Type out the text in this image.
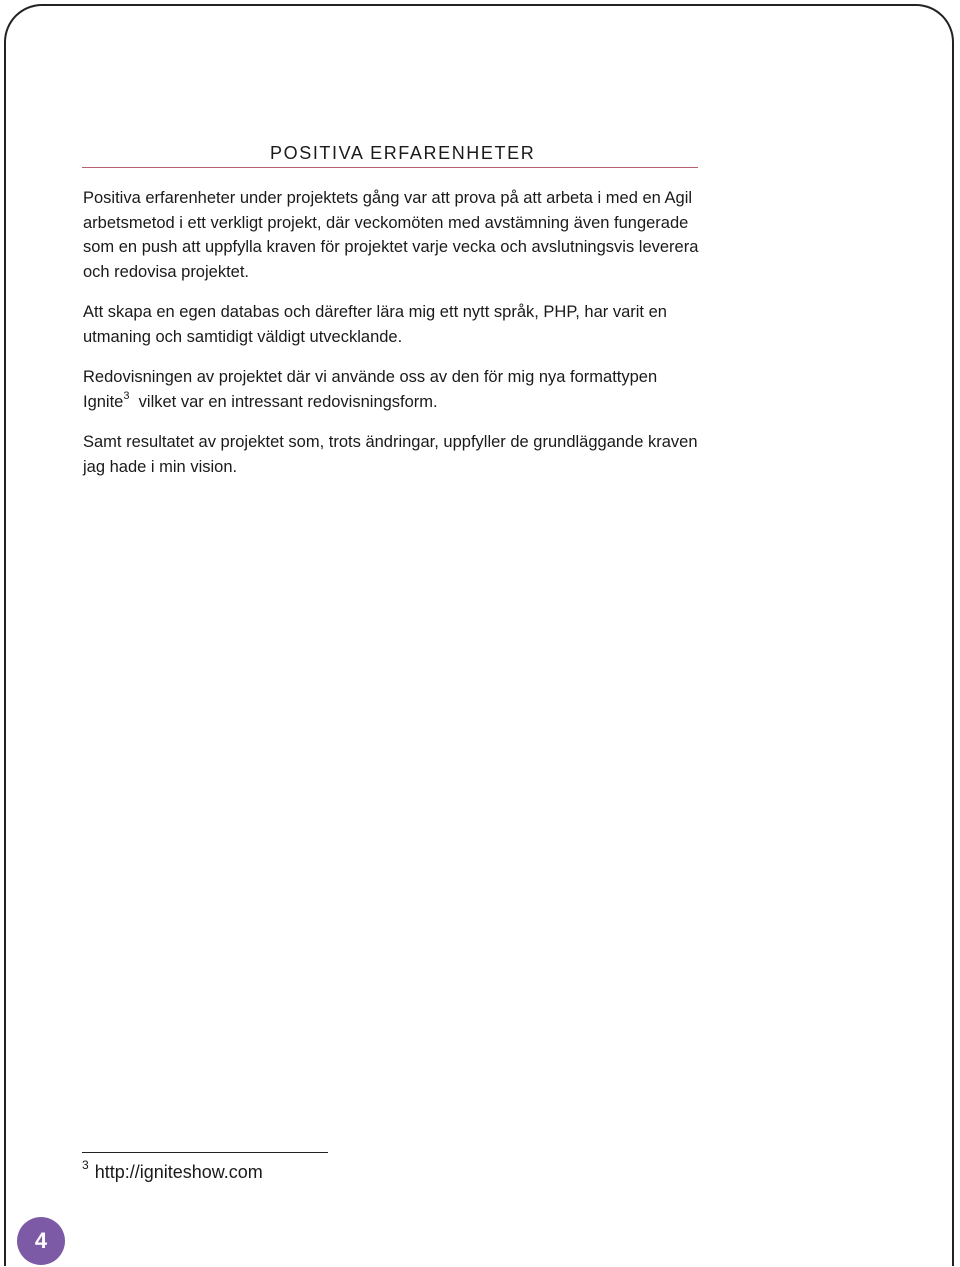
POSITIVA ERFARENHETER

Positiva erfarenheter under projektets gång var att prova på att arbeta i med en Agil arbetsmetod i ett verkligt projekt, där veckomöten med avstämning även fungerade som en push att uppfylla kraven för projektet varje vecka och avslutningsvis leverera och redovisa projektet.

Att skapa en egen databas och därefter lära mig ett nytt språk, PHP, har varit en utmaning och samtidigt väldigt utvecklande.

Redovisningen av projektet där vi använde oss av den för mig nya formattypen Ignite$^3$ vilket var en intressant redovisningsform.

Samt resultatet av projektet som, trots ändringar, uppfyller de grundläggande kraven jag hade i min vision.

$^3$ http://igniteshow.com
4
